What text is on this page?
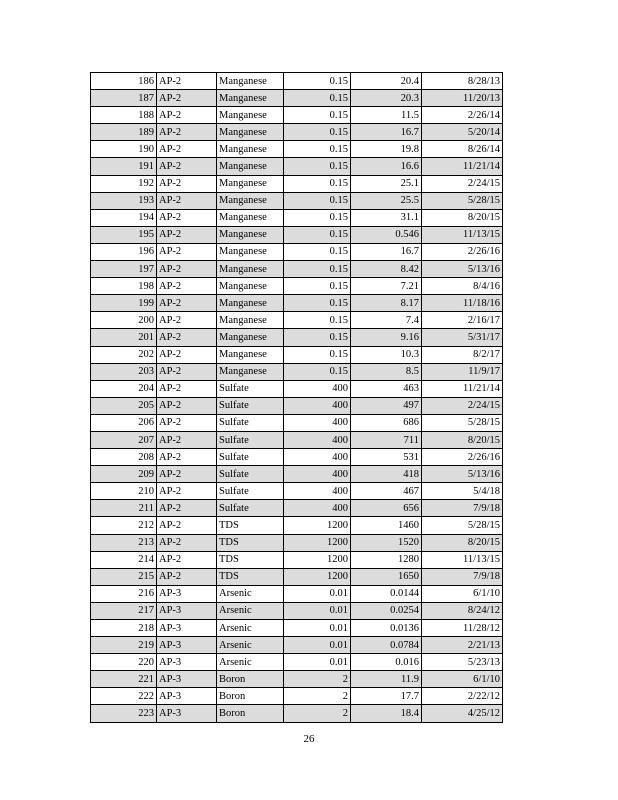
186	AP-2	Manganese	0.15	20.4	8/28/13
187	AP-2	Manganese	0.15	20.3	11/20/13
188	AP-2	Manganese	0.15	11.5	2/26/14
189	AP-2	Manganese	0.15	16.7	5/20/14
190	AP-2	Manganese	0.15	19.8	8/26/14
191	AP-2	Manganese	0.15	16.6	11/21/14
192	AP-2	Manganese	0.15	25.1	2/24/15
193	AP-2	Manganese	0.15	25.5	5/28/15
194	AP-2	Manganese	0.15	31.1	8/20/15
195	AP-2	Manganese	0.15	0.546	11/13/15
196	AP-2	Manganese	0.15	16.7	2/26/16
197	AP-2	Manganese	0.15	8.42	5/13/16
198	AP-2	Manganese	0.15	7.21	8/4/16
199	AP-2	Manganese	0.15	8.17	11/18/16
200	AP-2	Manganese	0.15	7.4	2/16/17
201	AP-2	Manganese	0.15	9.16	5/31/17
202	AP-2	Manganese	0.15	10.3	8/2/17
203	AP-2	Manganese	0.15	8.5	11/9/17
204	AP-2	Sulfate	400	463	11/21/14
205	AP-2	Sulfate	400	497	2/24/15
206	AP-2	Sulfate	400	686	5/28/15
207	AP-2	Sulfate	400	711	8/20/15
208	AP-2	Sulfate	400	531	2/26/16
209	AP-2	Sulfate	400	418	5/13/16
210	AP-2	Sulfate	400	467	5/4/18
211	AP-2	Sulfate	400	656	7/9/18
212	AP-2	TDS	1200	1460	5/28/15
213	AP-2	TDS	1200	1520	8/20/15
214	AP-2	TDS	1200	1280	11/13/15
215	AP-2	TDS	1200	1650	7/9/18
216	AP-3	Arsenic	0.01	0.0144	6/1/10
217	AP-3	Arsenic	0.01	0.0254	8/24/12
218	AP-3	Arsenic	0.01	0.0136	11/28/12
219	AP-3	Arsenic	0.01	0.0784	2/21/13
220	AP-3	Arsenic	0.01	0.016	5/23/13
221	AP-3	Boron	2	11.9	6/1/10
222	AP-3	Boron	2	17.7	2/22/12
223	AP-3	Boron	2	18.4	4/25/12
26
